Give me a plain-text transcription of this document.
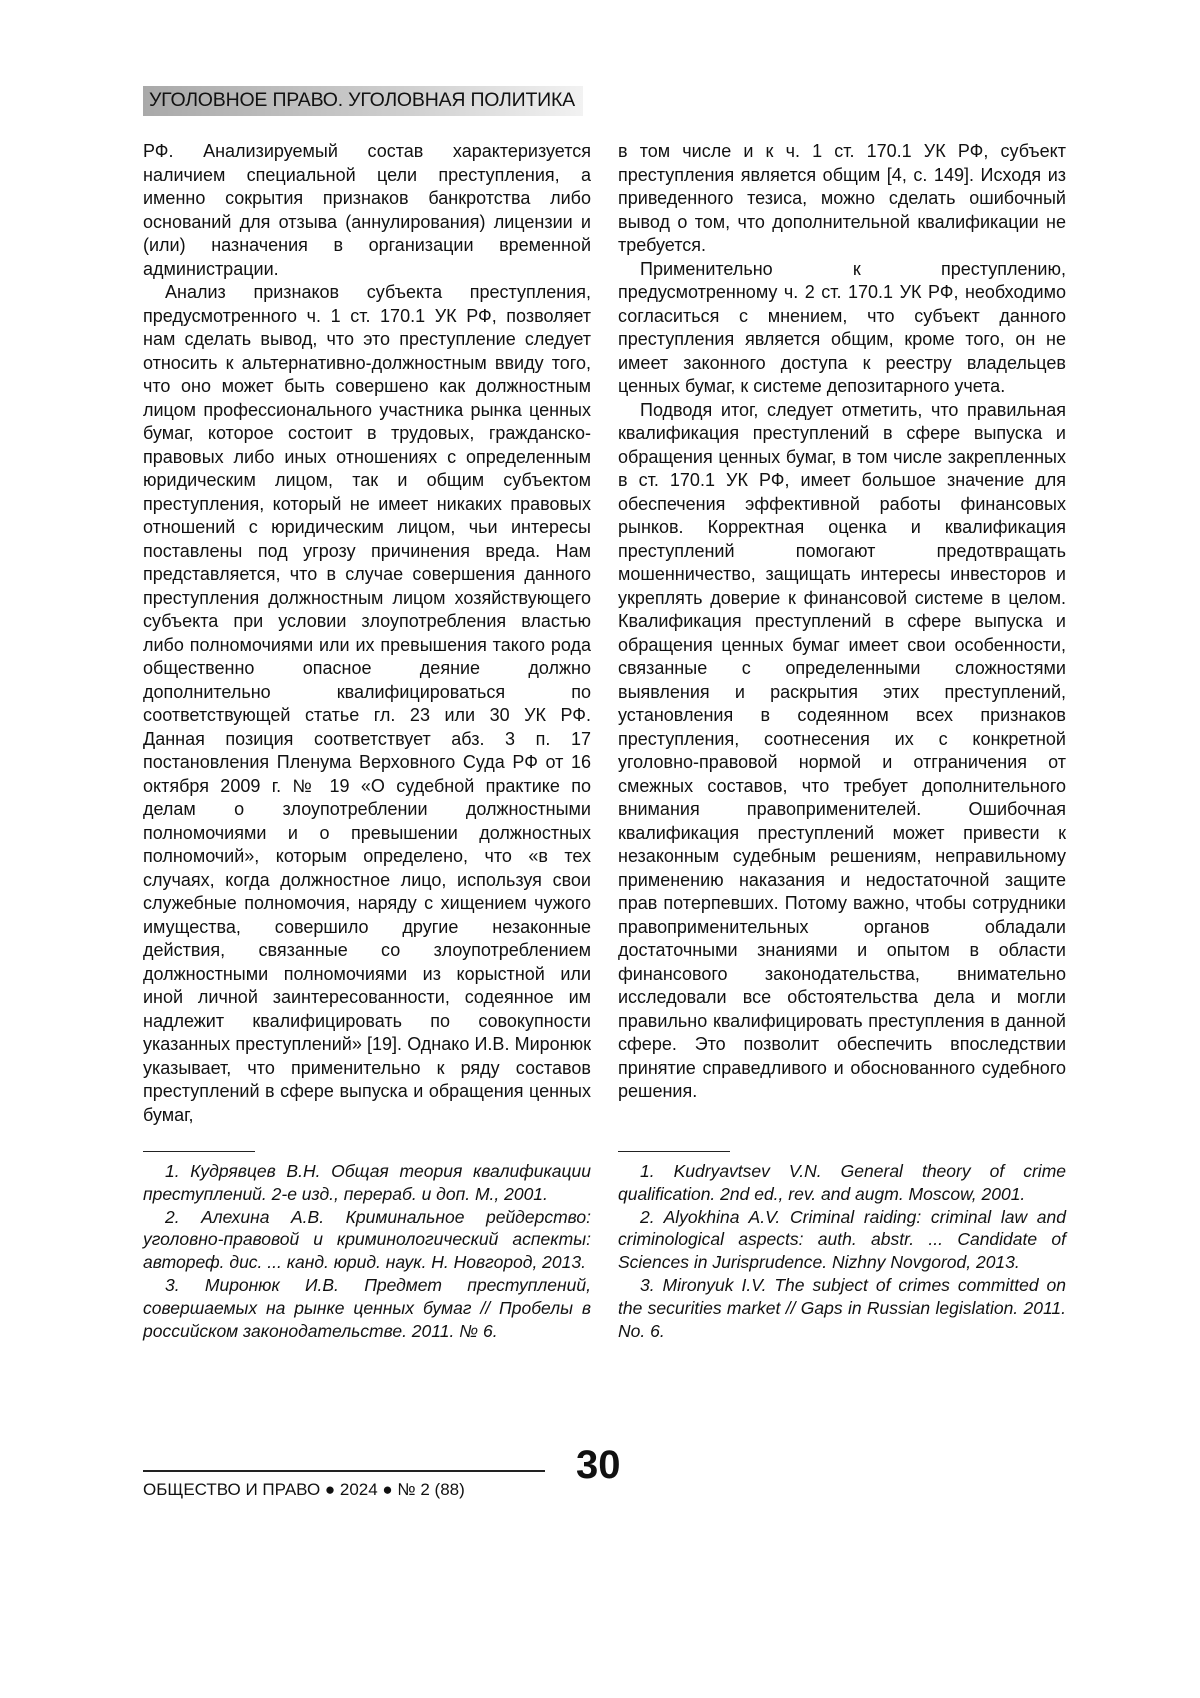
УГОЛОВНОЕ ПРАВО. УГОЛОВНАЯ ПОЛИТИКА

РФ. Анализируемый состав характеризуется наличием специальной цели преступления, а именно сокрытия признаков банкротства либо оснований для отзыва (аннулирования) лицензии и (или) назначения в организации временной администрации.

Анализ признаков субъекта преступления, предусмотренного ч. 1 ст. 170.1 УК РФ, позволяет нам сделать вывод, что это преступление следует относить к альтернативно-должностным ввиду того, что оно может быть совершено как должностным лицом профессионального участника рынка ценных бумаг, которое состоит в трудовых, гражданско-правовых либо иных отношениях с определенным юридическим лицом, так и общим субъектом преступления, который не имеет никаких правовых отношений с юридическим лицом, чьи интересы поставлены под угрозу причинения вреда. Нам представляется, что в случае совершения данного преступления должностным лицом хозяйствующего субъекта при условии злоупотребления властью либо полномочиями или их превышения такого рода общественно опасное деяние должно дополнительно квалифицироваться по соответствующей статье гл. 23 или 30 УК РФ. Данная позиция соответствует абз. 3 п. 17 постановления Пленума Верховного Суда РФ от 16 октября 2009 г. № 19 «О судебной практике по делам о злоупотреблении должностными полномочиями и о превышении должностных полномочий», которым определено, что «в тех случаях, когда должностное лицо, используя свои служебные полномочия, наряду с хищением чужого имущества, совершило другие незаконные действия, связанные со злоупотреблением должностными полномочиями из корыстной или иной личной заинтересованности, содеянное им надлежит квалифицировать по совокупности указанных преступлений» [19]. Однако И.В. Миронюк указывает, что применительно к ряду составов преступлений в сфере выпуска и обращения ценных бумаг,

в том числе и к ч. 1 ст. 170.1 УК РФ, субъект преступления является общим [4, с. 149]. Исходя из приведенного тезиса, можно сделать ошибочный вывод о том, что дополнительной квалификации не требуется.

Применительно к преступлению, предусмотренному ч. 2 ст. 170.1 УК РФ, необходимо согласиться с мнением, что субъект данного преступления является общим, кроме того, он не имеет законного доступа к реестру владельцев ценных бумаг, к системе депозитарного учета.

Подводя итог, следует отметить, что правильная квалификация преступлений в сфере выпуска и обращения ценных бумаг, в том числе закрепленных в ст. 170.1 УК РФ, имеет большое значение для обеспечения эффективной работы финансовых рынков. Корректная оценка и квалификация преступлений помогают предотвращать мошенничество, защищать интересы инвесторов и укреплять доверие к финансовой системе в целом. Квалификация преступлений в сфере выпуска и обращения ценных бумаг имеет свои особенности, связанные с определенными сложностями выявления и раскрытия этих преступлений, установления в содеянном всех признаков преступления, соотнесения их с конкретной уголовно-правовой нормой и отграничения от смежных составов, что требует дополнительного внимания правоприменителей. Ошибочная квалификация преступлений может привести к незаконным судебным решениям, неправильному применению наказания и недостаточной защите прав потерпевших. Потому важно, чтобы сотрудники правоприменительных органов обладали достаточными знаниями и опытом в области финансового законодательства, внимательно исследовали все обстоятельства дела и могли правильно квалифицировать преступления в данной сфере. Это позволит обеспечить впоследствии принятие справедливого и обоснованного судебного решения.

1. Кудрявцев В.Н. Общая теория квалификации преступлений. 2-е изд., перераб. и доп. М., 2001.

2. Алехина А.В. Криминальное рейдерство: уголовно-правовой и криминологический аспекты: автореф. дис. ... канд. юрид. наук. Н. Новгород, 2013.

3. Миронюк И.В. Предмет преступлений, совершаемых на рынке ценных бумаг // Пробелы в российском законодательстве. 2011. № 6.

1. Kudryavtsev V.N. General theory of crime qualification. 2nd ed., rev. and augm. Moscow, 2001.

2. Alyokhina A.V. Criminal raiding: criminal law and criminological aspects: auth. abstr. ... Candidate of Sciences in Jurisprudence. Nizhny Novgorod, 2013.

3. Mironyuk I.V. The subject of crimes committed on the securities market // Gaps in Russian legislation. 2011. No. 6.

30
ОБЩЕСТВО И ПРАВО ● 2024 ● № 2 (88)
